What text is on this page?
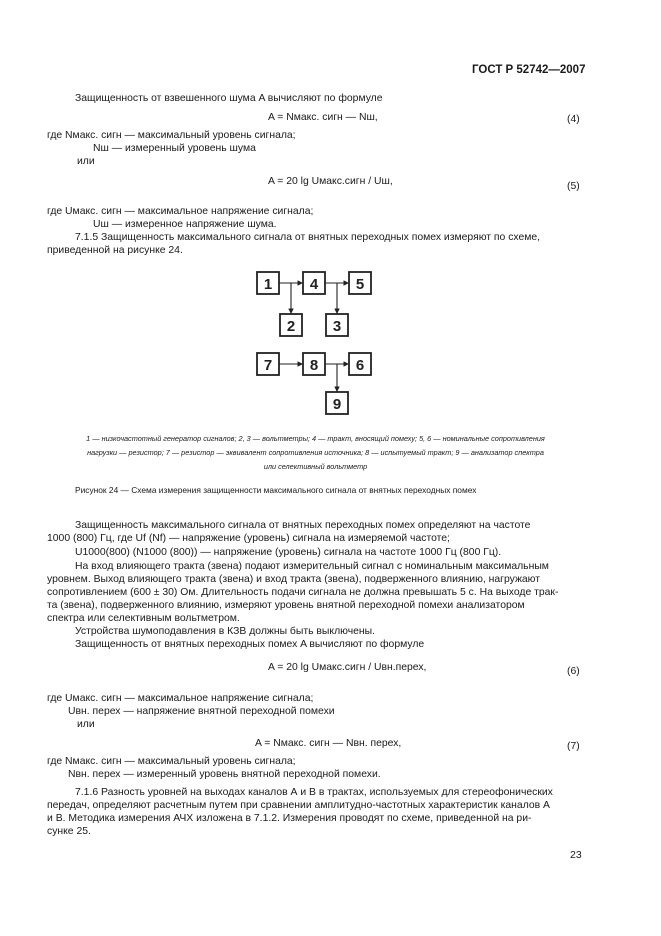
ГОСТ Р 52742—2007
Защищенность от взвешенного шума A вычисляют по формуле
A = Nмакс. сигн — Nш,	(4)
где Nмакс. сигн — максимальный уровень сигнала;
Nш — измеренный уровень шума
или
A = 20 lg Uмакс.сигн / Uш,	(5)
где Uмакс. сигн — максимальное напряжение сигнала;
Uш — измеренное напряжение шума.
7.1.5 Защищенность максимального сигнала от внятных переходных помех измеряют по схеме,
приведенной на рисунке 24.
1	4	5
2	3
7	8	6
9
1 — низкочастотный генератор сигналов; 2, 3 — вольтметры; 4 — тракт, вносящий помеху; 5, 6 — номинальные сопротивления
нагрузки — резистор; 7 — резистор — эквивалент сопротивления источника; 8 — испытуемый тракт; 9 — анализатор спектра
или селективный вольтметр
Рисунок 24 — Схема измерения защищенности максимального сигнала от внятных переходных помех
Защищенность максимального сигнала от внятных переходных помех определяют на частоте
1000 (800) Гц, где Uf (Nf) — напряжение (уровень) сигнала на измеряемой частоте;
U1000(800) (N1000 (800)) — напряжение (уровень) сигнала на частоте 1000 Гц (800 Гц).
На вход влияющего тракта (звена) подают измерительный сигнал с номинальным максимальным
уровнем. Выход влияющего тракта (звена) и вход тракта (звена), подверженного влиянию, нагружают
сопротивлением (600 ± 30) Ом. Длительность подачи сигнала не должна превышать 5 с. На выходе трак-
та (звена), подверженного влиянию, измеряют уровень внятной переходной помехи анализатором
спектра или селективным вольтметром.
Устройства шумоподавления в КЗВ должны быть выключены.
Защищенность от внятных переходных помех A вычисляют по формуле
A = 20 lg Uмакс.сигн / Uвн.перех,	(6)
где Uмакс. сигн — максимальное напряжение сигнала;
Uвн. перех — напряжение внятной переходной помехи
или
A = Nмакс. сигн — Nвн. перех,	(7)
где Nмакс. сигн — максимальный уровень сигнала;
Nвн. перех — измеренный уровень внятной переходной помехи.
7.1.6 Разность уровней на выходах каналов А и В в трактах, используемых для стереофонических
передач, определяют расчетным путем при сравнении амплитудно-частотных характеристик каналов А
и В. Методика измерения АЧХ изложена в 7.1.2. Измерения проводят по схеме, приведенной на ри-
сунке 25.
23
